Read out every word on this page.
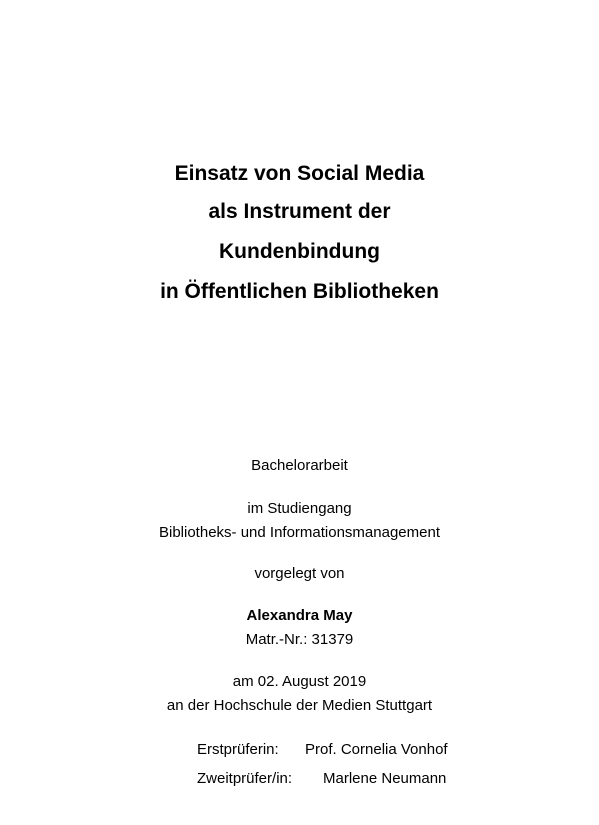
Einsatz von Social Media
als Instrument der
Kundenbindung
in Öffentlichen Bibliotheken
Bachelorarbeit
im Studiengang
Bibliotheks- und Informationsmanagement
vorgelegt von
Alexandra May
Matr.-Nr.: 31379
am 02. August 2019
an der Hochschule der Medien Stuttgart
Erstprüferin: Prof. Cornelia Vonhof
Zweitprüfer/in: Marlene Neumann
